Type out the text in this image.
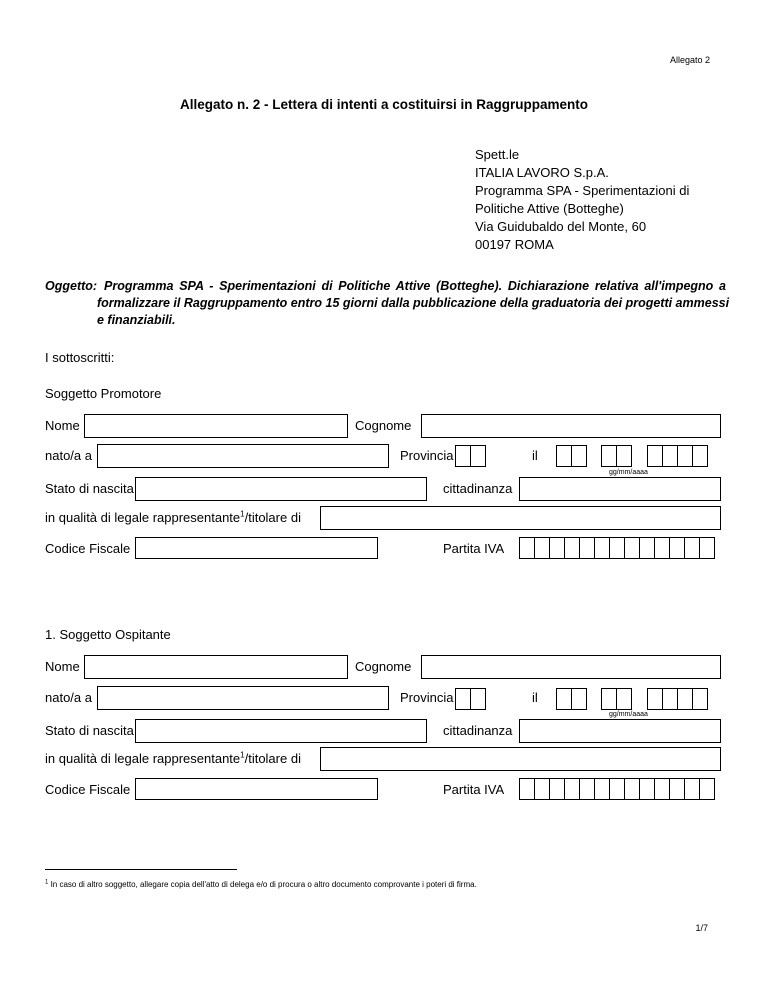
Allegato 2
Allegato n. 2 - Lettera di intenti a costituirsi in Raggruppamento
Spett.le
ITALIA LAVORO S.p.A.
Programma SPA - Sperimentazioni di
Politiche Attive (Botteghe)
Via Guidubaldo del Monte, 60
00197 ROMA
Oggetto: Programma SPA - Sperimentazioni di Politiche Attive (Botteghe). Dichiarazione relativa all'impegno a
formalizzare il Raggruppamento entro 15 giorni dalla pubblicazione della graduatoria dei progetti ammessi
e finanziabili.
I sottoscritti:
Soggetto Promotore
Nome	Cognome
nato/a a	Provincia	il
gg/mm/aaaa
Stato di nascita	cittadinanza
in qualità di legale rappresentante$^1$/titolare di
Codice Fiscale	Partita IVA
1. Soggetto Ospitante
Nome	Cognome
nato/a a	Provincia	il
gg/mm/aaaa
Stato di nascita	cittadinanza
in qualità di legale rappresentante$^1$/titolare di
Codice Fiscale	Partita IVA
$^1$ In caso di altro soggetto, allegare copia dell'atto di delega e/o di procura o altro documento comprovante i poteri di firma.
1/7
